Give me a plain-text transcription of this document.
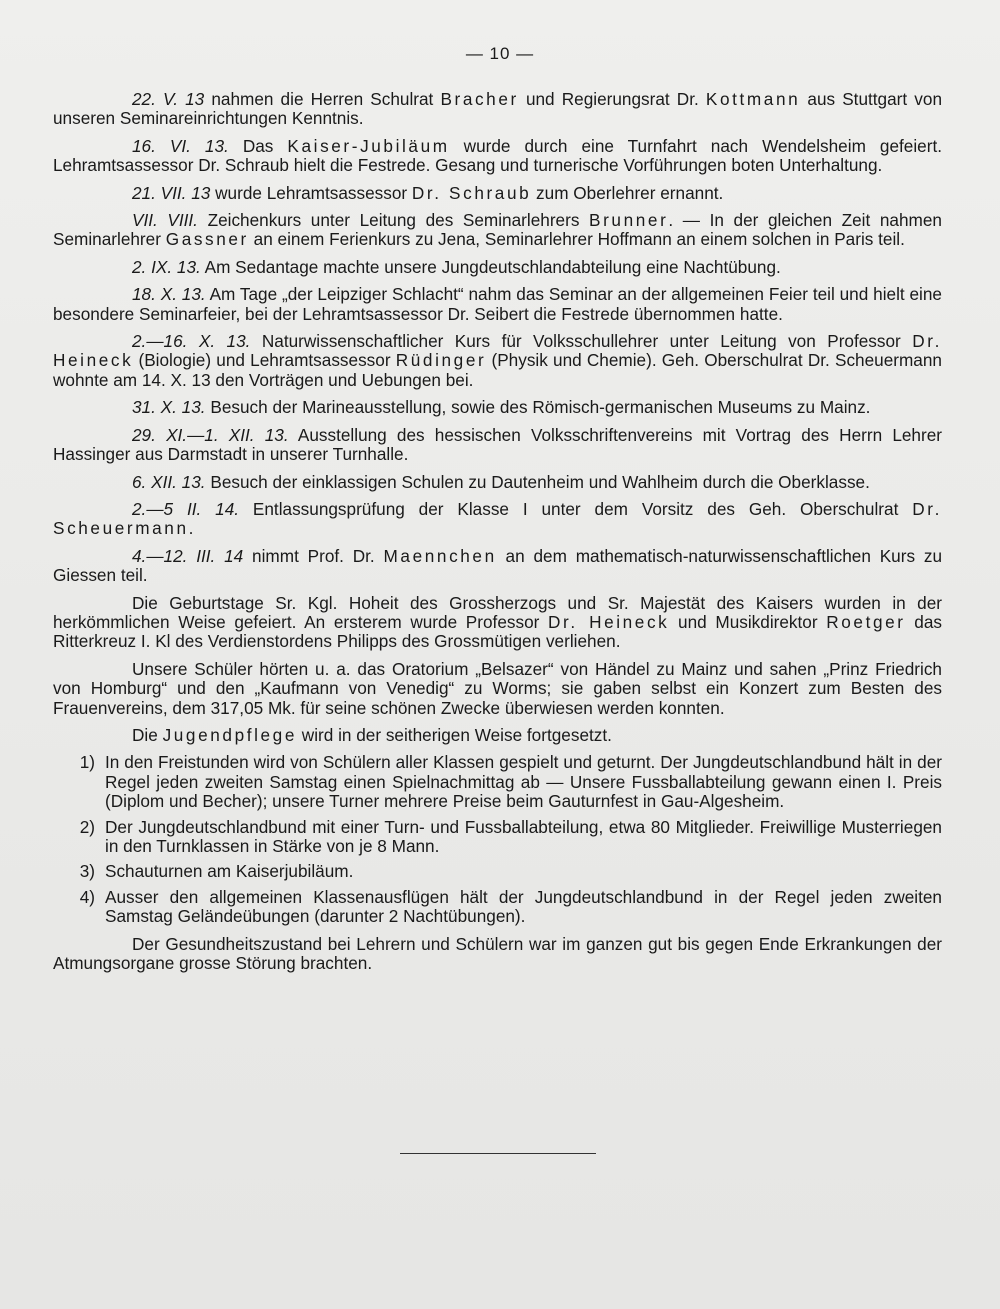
— 10 —

22. V. 13 nahmen die Herren Schulrat Bracher und Regierungsrat Dr. Kottmann aus Stuttgart von unseren Seminareinrichtungen Kenntnis.

16. VI. 13. Das Kaiser-Jubiläum wurde durch eine Turnfahrt nach Wendelsheim gefeiert. Lehramtsassessor Dr. Schraub hielt die Festrede. Gesang und turnerische Vorführungen boten Unterhaltung.

21. VII. 13 wurde Lehramtsassessor Dr. Schraub zum Oberlehrer ernannt.

VII. VIII. Zeichenkurs unter Leitung des Seminarlehrers Brunner. — In der gleichen Zeit nahmen Seminarlehrer Gassner an einem Ferienkurs zu Jena, Seminarlehrer Hoffmann an einem solchen in Paris teil.

2. IX. 13. Am Sedantage machte unsere Jungdeutschlandabteilung eine Nachtübung.

18. X. 13. Am Tage „der Leipziger Schlacht“ nahm das Seminar an der allgemeinen Feier teil und hielt eine besondere Seminarfeier, bei der Lehramtsassessor Dr. Seibert die Festrede übernommen hatte.

2.—16. X. 13. Naturwissenschaftlicher Kurs für Volksschullehrer unter Leitung von Professor Dr. Heineck (Biologie) und Lehramtsassessor Rüdinger (Physik und Chemie). Geh. Oberschulrat Dr. Scheuermann wohnte am 14. X. 13 den Vorträgen und Uebungen bei.

31. X. 13. Besuch der Marineausstellung, sowie des Römisch-germanischen Museums zu Mainz.

29. XI.—1. XII. 13. Ausstellung des hessischen Volksschriftenvereins mit Vortrag des Herrn Lehrer Hassinger aus Darmstadt in unserer Turnhalle.

6. XII. 13. Besuch der einklassigen Schulen zu Dautenheim und Wahlheim durch die Oberklasse.

2.—5 II. 14. Entlassungsprüfung der Klasse I unter dem Vorsitz des Geh. Oberschulrat Dr. Scheuermann.

4.—12. III. 14 nimmt Prof. Dr. Maennchen an dem mathematisch-naturwissenschaftlichen Kurs zu Giessen teil.

Die Geburtstage Sr. Kgl. Hoheit des Grossherzogs und Sr. Majestät des Kaisers wurden in der herkömmlichen Weise gefeiert. An ersterem wurde Professor Dr. Heineck und Musikdirektor Roetger das Ritterkreuz I. Kl des Verdienstordens Philipps des Grossmütigen verliehen.

Unsere Schüler hörten u. a. das Oratorium „Belsazer“ von Händel zu Mainz und sahen „Prinz Friedrich von Homburg“ und den „Kaufmann von Venedig“ zu Worms; sie gaben selbst ein Konzert zum Besten des Frauenvereins, dem 317,05 Mk. für seine schönen Zwecke überwiesen werden konnten.

Die Jugendpflege wird in der seitherigen Weise fortgesetzt.

1) In den Freistunden wird von Schülern aller Klassen gespielt und geturnt. Der Jungdeutschlandbund hält in der Regel jeden zweiten Samstag einen Spielnachmittag ab — Unsere Fussballabteilung gewann einen I. Preis (Diplom und Becher); unsere Turner mehrere Preise beim Gauturnfest in Gau-Algesheim.
2) Der Jungdeutschlandbund mit einer Turn- und Fussballabteilung, etwa 80 Mitglieder. Freiwillige Musterriegen in den Turnklassen in Stärke von je 8 Mann.
3) Schauturnen am Kaiserjubiläum.
4) Ausser den allgemeinen Klassenausflügen hält der Jungdeutschlandbund in der Regel jeden zweiten Samstag Geländeübungen (darunter 2 Nachtübungen).

Der Gesundheitszustand bei Lehrern und Schülern war im ganzen gut bis gegen Ende Erkrankungen der Atmungsorgane grosse Störung brachten.
